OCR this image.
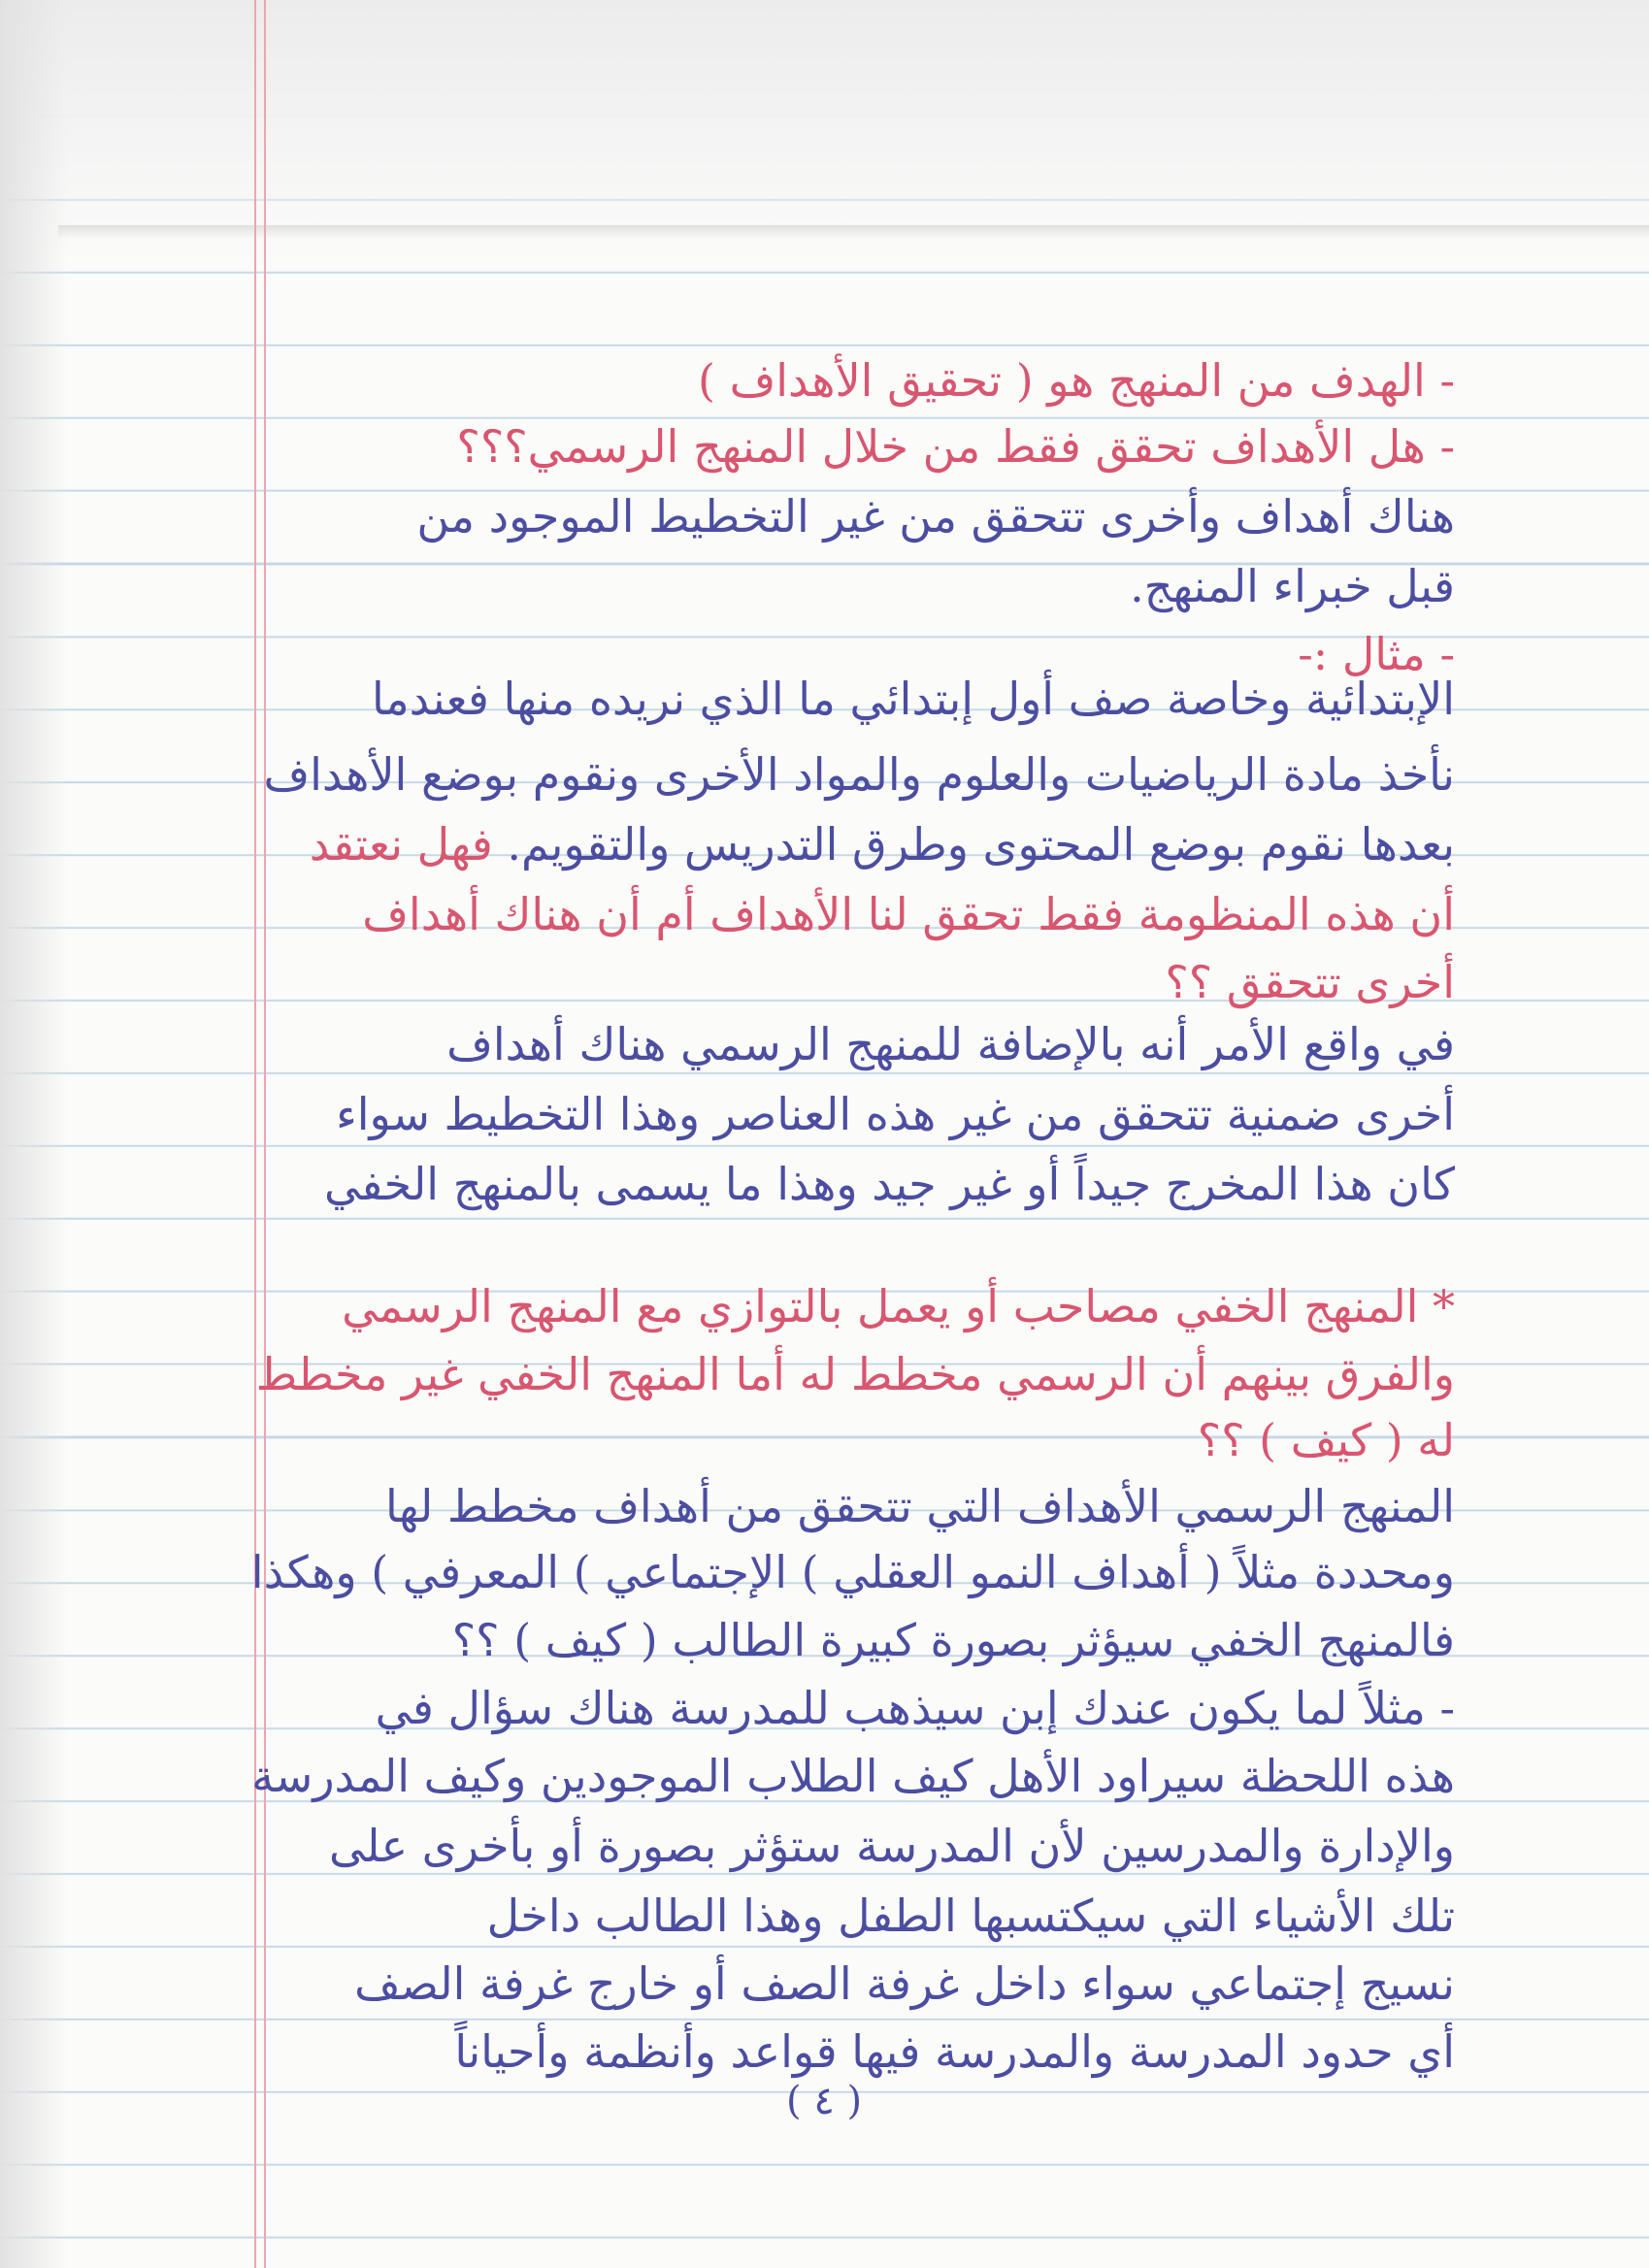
- الهدف من المنهج هو ( تحقيق الأهداف )
- هل الأهداف تحقق فقط من خلال المنهج الرسمي؟؟؟
هناك أهداف وأخرى تتحقق من غير التخطيط الموجود من
قبل خبراء المنهج.
- مثال :-
الإبتدائية وخاصة صف أول إبتدائي ما الذي نريده منها فعندما
نأخذ مادة الرياضيات والعلوم والمواد الأخرى ونقوم بوضع الأهداف
بعدها نقوم بوضع المحتوى وطرق التدريس والتقويم. فهل نعتقد
أن هذه المنظومة فقط تحقق لنا الأهداف أم أن هناك أهداف
أخرى تتحقق ؟؟
في واقع الأمر أنه بالإضافة للمنهج الرسمي هناك أهداف
أخرى ضمنية تتحقق من غير هذه العناصر وهذا التخطيط سواء
كان هذا المخرج جيداً أو غير جيد وهذا ما يسمى بالمنهج الخفي
* المنهج الخفي مصاحب أو يعمل بالتوازي مع المنهج الرسمي
والفرق بينهم أن الرسمي مخطط له أما المنهج الخفي غير مخطط
له ( كيف ) ؟؟
المنهج الرسمي الأهداف التي تتحقق من أهداف مخطط لها
ومحددة مثلاً ( أهداف النمو العقلي ) الإجتماعي ) المعرفي ) وهكذا
فالمنهج الخفي سيؤثر بصورة كبيرة الطالب ( كيف ) ؟؟
- مثلاً لما يكون عندك إبن سيذهب للمدرسة هناك سؤال في
هذه اللحظة سيراود الأهل كيف الطلاب الموجودين وكيف المدرسة
والإدارة والمدرسين لأن المدرسة ستؤثر بصورة أو بأخرى على
تلك الأشياء التي سيكتسبها الطفل وهذا الطالب داخل
نسيج إجتماعي سواء داخل غرفة الصف أو خارج غرفة الصف
أي حدود المدرسة والمدرسة فيها قواعد وأنظمة وأحياناً
( ٤ )
